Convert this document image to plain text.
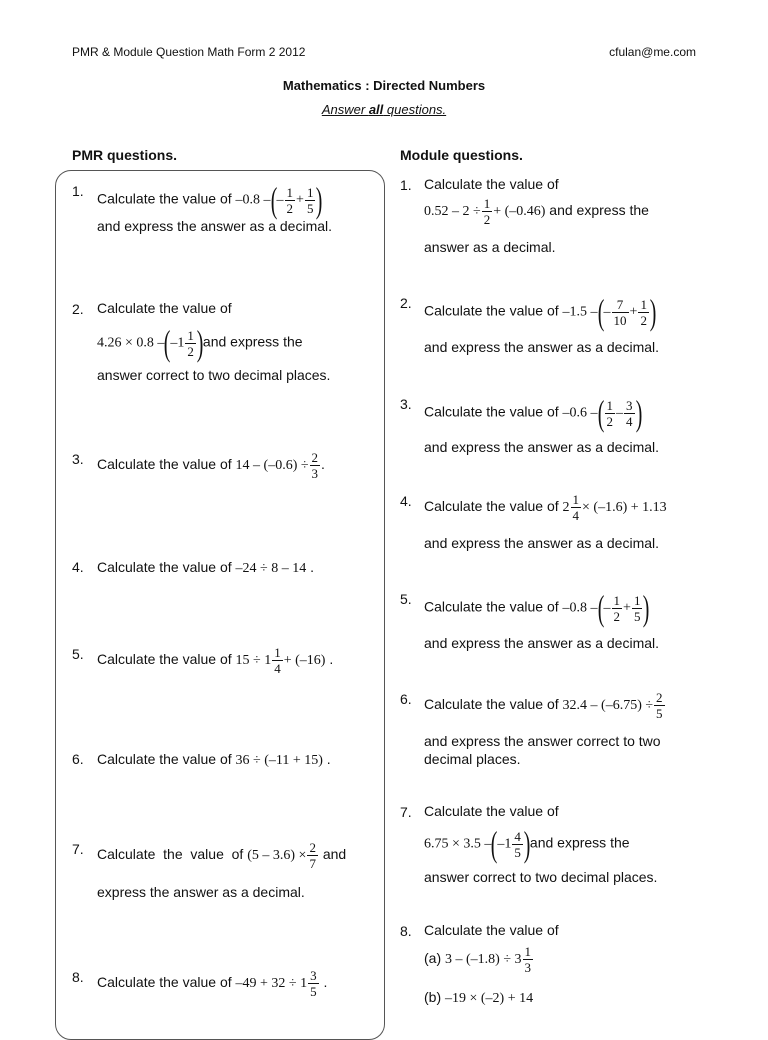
PMR & Module Question Math Form 2 2012	cfulan@me.com
Mathematics : Directed Numbers
Answer all questions.
PMR questions.	Module questions.
1. Calculate the value of –0.8 –(– $\frac{1}{2} + \frac{1}{5}$ )
and express the answer as a decimal.
2. Calculate the value of
4.26 × 0.8 $-(-1 \frac{1}{2} )and$ express the
answer correct to two decimal places.
3. Calculate the value of $14 - (-0.6) \div \frac{2}{3}$ .
4. Calculate the value of –24 ÷ 8 – 14 .
5. Calculate the value of $15 \div 1 \frac{1}{4} + (-16)$ .
6. Calculate the value of 36 ÷ (–11 + 15) .
7. Calculate  the  value  of $(5 - 3.6) \times \frac{2}{7}$ and
express the answer as a decimal.
8. Calculate the value of $-49 + 32 \div 1 \frac{3}{5}$ .
1. Calculate the value of
$0.52 - 2 \div \frac{1}{2} + (-0.46)$ and express the
answer as a decimal.
2. Calculate the value of –1.5 –(– $\frac{7}{10} + \frac{1}{2}$ )
and express the answer as a decimal.
3. Calculate the value of –0.6 –( $\frac{1}{2} - \frac{3}{4}$ )
and express the answer as a decimal.
4. Calculate the value of $2 \frac{1}{4} \times (-1.6) + 1.13$
and express the answer as a decimal.
5. Calculate the value of –0.8 –(– $\frac{1}{2} + \frac{1}{5}$ )
and express the answer as a decimal.
6. Calculate the value of $32.4 - (-6.75) \div \frac{2}{5}$
and express the answer correct to two
decimal places.
7. Calculate the value of
6.75 × 3.5 $-(-1 \frac{4}{5} )and$ express the
answer correct to two decimal places.
8. Calculate the value of
(a) $3 - (-1.8) \div 3 \frac{1}{3}$
(b) –19 × (–2) + 14
